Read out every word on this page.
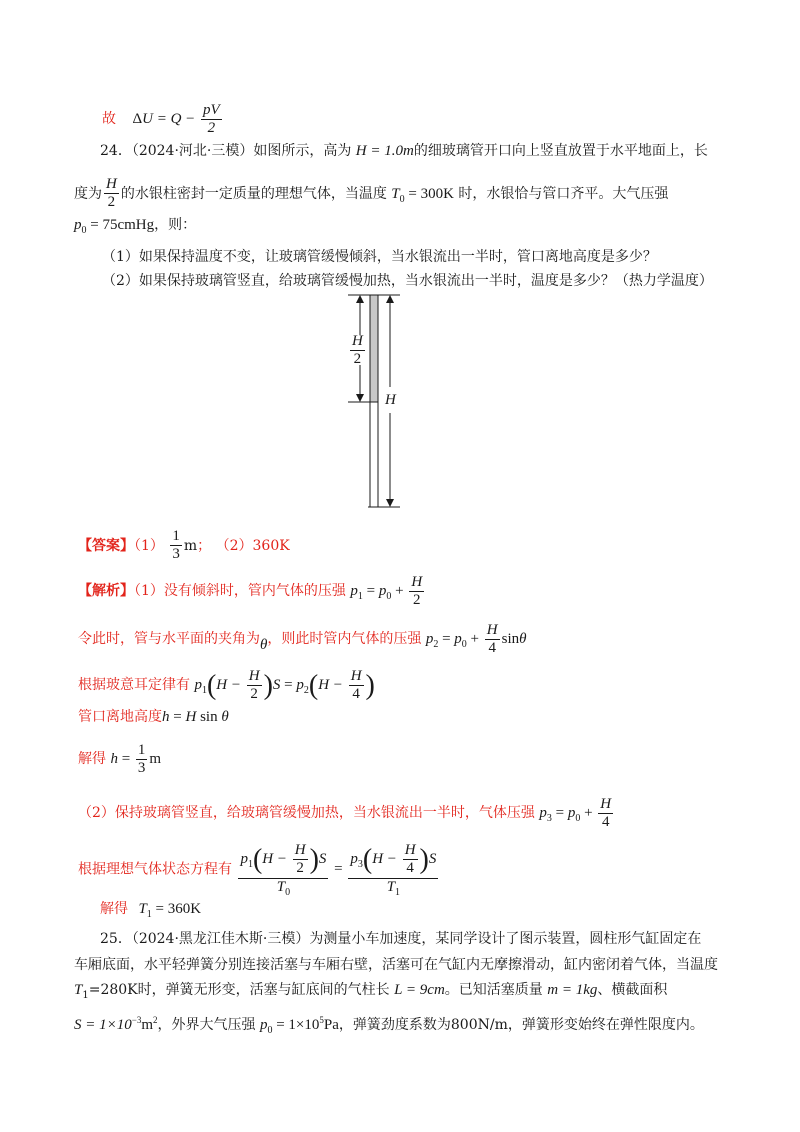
故 $\Delta U = Q - \frac{pV}{2}$
24．（2024·河北·三模）如图所示，高为 H = 1.0m的细玻璃管开口向上竖直放置于水平地面上，长
度为 $\frac{H}{2}$ 的水银柱密封一定质量的理想气体，当温度 $T_0 = 300K$ 时，水银恰与管口齐平。大气压强
$p_0$ = 75cmHg，则：
（1）如果保持温度不变，让玻璃管缓慢倾斜，当水银流出一半时，管口离地高度是多少？
（2）如果保持玻璃管竖直，给玻璃管缓慢加热，当水银流出一半时，温度是多少？（热力学温度）
$\frac{H}{2}$
H
【答案】$(1) \frac{1}{3}$ m； （2）360K
【解析】（1）没有倾斜时，管内气体的压强 $p_1 = p_0 + \frac{H}{2}$
令此时，管与水平面的夹角为θ，则此时管内气体的压强 $p_2 = p_0 + \frac{H}{4}$ sinθ
根据玻意耳定律有 $p_1(H - \frac{H}{2} )S = p_2(H - \frac{H}{4}$ )
管口离地高度h = H sin θ
解得 $h = \frac{1}{3}$ m
（2）保持玻璃管竖直，给玻璃管缓慢加热，当水银流出一半时，气体压强 $p_3 = p_0 + \frac{H}{4}$
根据理想气体状态方程有 $\frac{p_1(H - \frac{H}{2} )S}{T_0} = \frac{p_3(H - \frac{H}{4} )S}{T_1}$
解得 $T_1 = 360K$
25．（2024·黑龙江佳木斯·三模）为测量小车加速度，某同学设计了图示装置，圆柱形气缸固定在
车厢底面，水平轻弹簧分别连接活塞与车厢右壁，活塞可在气缸内无摩擦滑动，缸内密闭着气体，当温度
$T_1=280K$时，弹簧无形变，活塞与缸底间的气柱长 L = 9cm。已知活塞质量 m = 1kg、横截面积
$S = 1\times 10^{-3}m^2$，外界大气压强 $p_0 = 1\times 10^5Pa$，弹簧劲度系数为800N/m，弹簧形变始终在弹性限度内。
